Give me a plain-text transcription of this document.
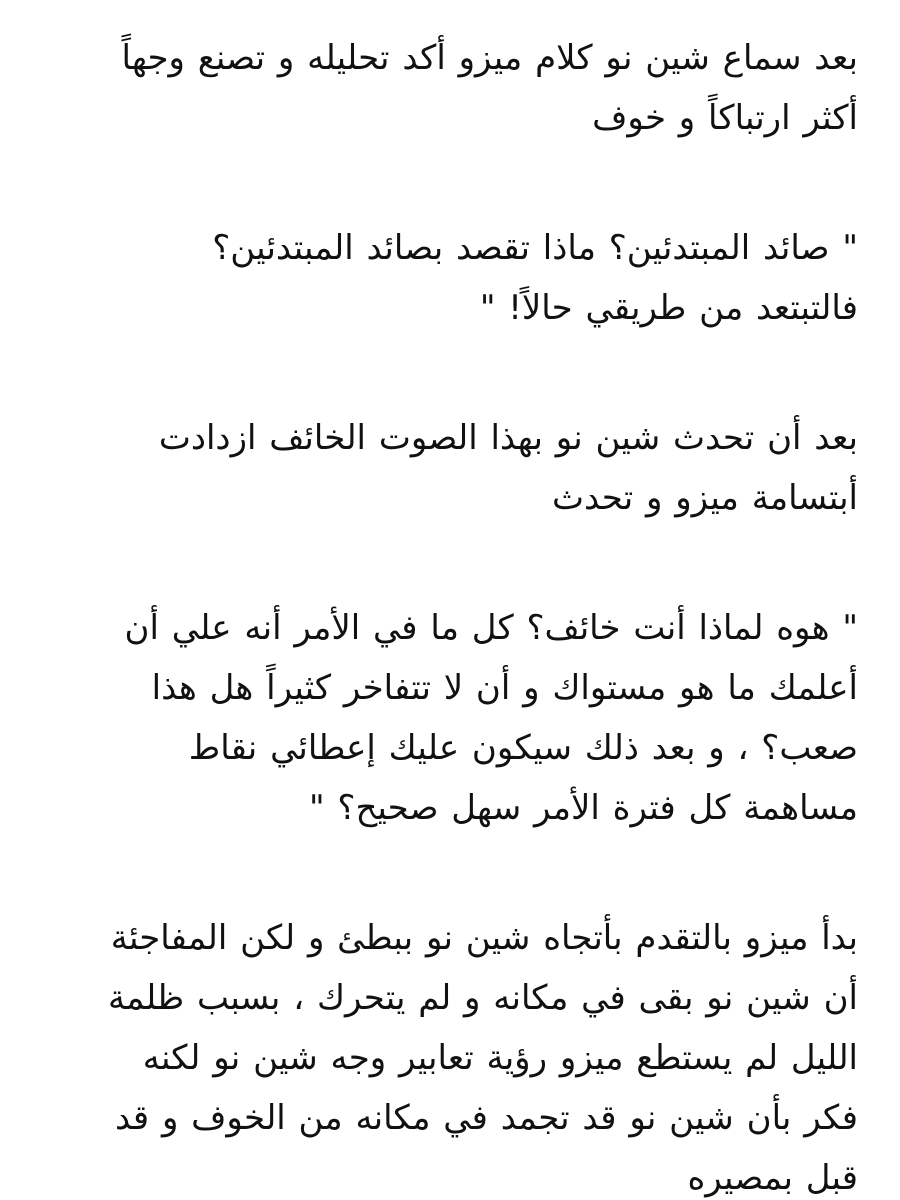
بعد سماع شين نو كلام ميزو أكد تحليله و تصنع وجهاً
أكثر ارتباكاً و خوف

" صائد المبتدئين؟ ماذا تقصد بصائد المبتدئين؟
فالتبتعد من طريقي حالاً! "

بعد أن تحدث شين نو بهذا الصوت الخائف ازدادت
أبتسامة ميزو و تحدث

" هوه لماذا أنت خائف؟ كل ما في الأمر أنه علي أن
أعلمك ما هو مستواك و أن لا تتفاخر كثيراً هل هذا
صعب؟ ، و بعد ذلك سيكون عليك إعطائي نقاط
مساهمة كل فترة الأمر سهل صحيح؟ "

بدأ ميزو بالتقدم بأتجاه شين نو ببطئ و لكن المفاجئة
أن شين نو بقى في مكانه و لم يتحرك ، بسبب ظلمة
الليل لم يستطع ميزو رؤية تعابير وجه شين نو لكنه
فكر بأن شين نو قد تجمد في مكانه من الخوف و قد
قبل بمصيره
